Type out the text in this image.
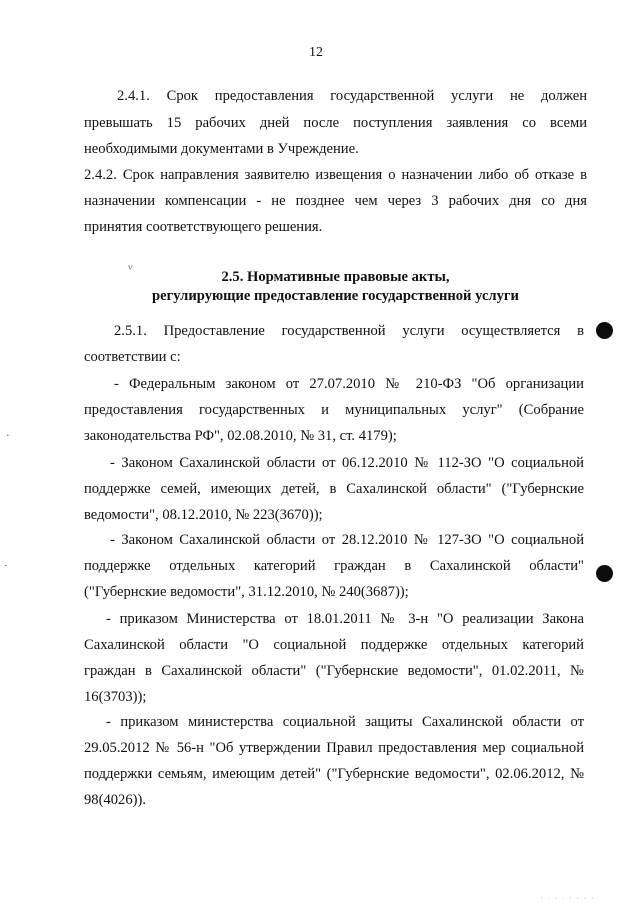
·
·
· · · · · · · ·
12
2.4.1. Срок предоставления государственной услуги не должен
превышать 15 рабочих дней после поступления заявления со всеми
необходимыми документами в Учреждение.
2.4.2. Срок направления заявителю извещения о назначении либо об отказе в
назначении компенсации - не позднее чем через 3 рабочих дня со дня
принятия соответствующего решения.
ⱽ	2.5. Нормативные правовые акты,
регулирующие предоставление государственной услуги
2.5.1. Предоставление государственной услуги осуществляется в
соответствии с:
- Федеральным законом от 27.07.2010 № 210-ФЗ "Об организации
предоставления государственных и муниципальных услуг" (Собрание
законодательства РФ", 02.08.2010, № 31, ст. 4179);
- Законом Сахалинской области от 06.12.2010 № 112-ЗО "О социальной
поддержке семей, имеющих детей, в Сахалинской области" ("Губернские
ведомости", 08.12.2010, № 223(3670));
- Законом Сахалинской области от 28.12.2010 № 127-ЗО "О социальной
поддержке отдельных категорий граждан в Сахалинской области"
("Губернские ведомости", 31.12.2010, № 240(3687));
- приказом Министерства от 18.01.2011 № 3-н "О реализации Закона
Сахалинской области "О социальной поддержке отдельных категорий
граждан в Сахалинской области" ("Губернские ведомости", 01.02.2011, №
16(3703));
- приказом министерства социальной защиты Сахалинской области от
29.05.2012 № 56-н "Об утверждении Правил предоставления мер социальной
поддержки семьям, имеющим детей" ("Губернские ведомости", 02.06.2012, №
98(4026)).
